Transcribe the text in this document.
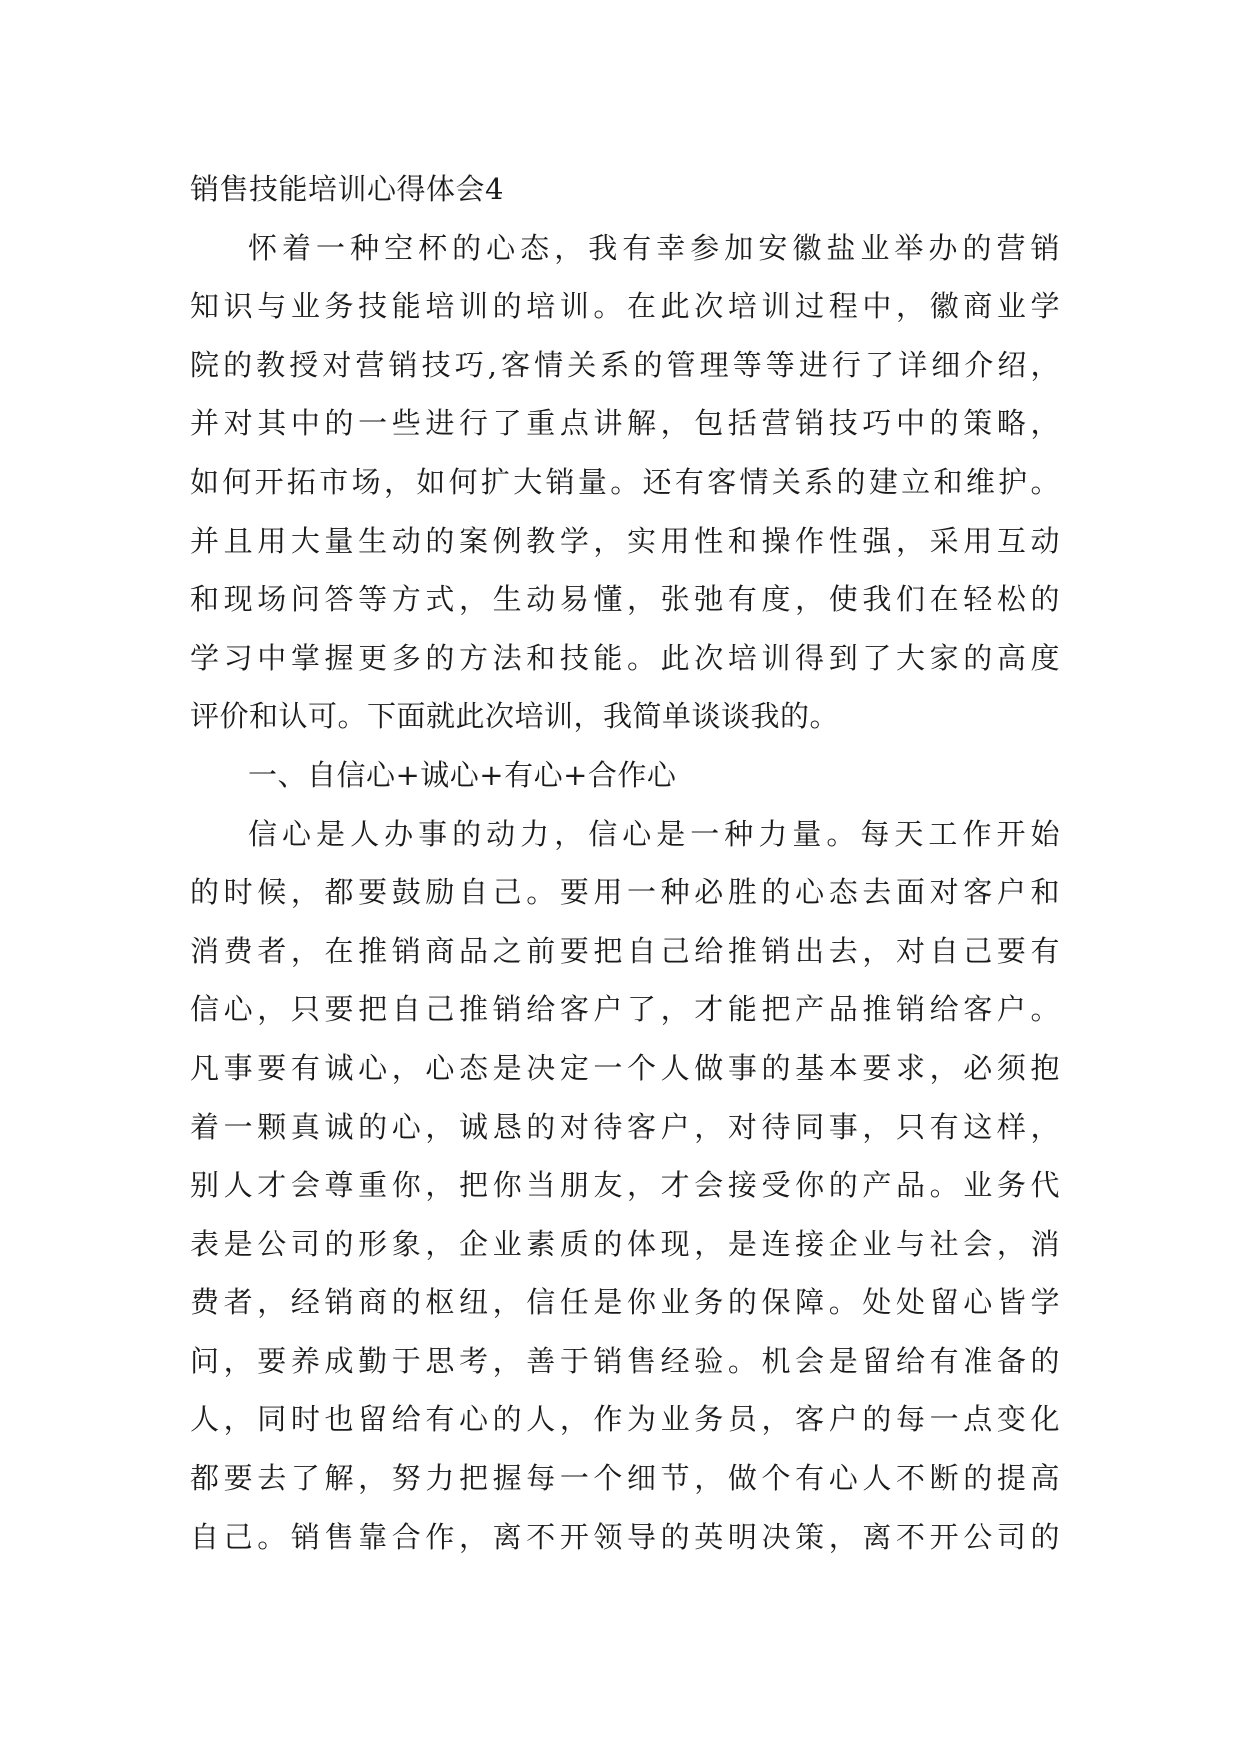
销售技能培训心得体会4
怀着一种空杯的心态，我有幸参加安徽盐业举办的营销
知识与业务技能培训的培训。在此次培训过程中，徽商业学
院的教授对营销技巧,客情关系的管理等等进行了详细介绍，
并对其中的一些进行了重点讲解，包括营销技巧中的策略，
如何开拓市场，如何扩大销量。还有客情关系的建立和维护。
并且用大量生动的案例教学，实用性和操作性强，采用互动
和现场问答等方式，生动易懂，张弛有度，使我们在轻松的
学习中掌握更多的方法和技能。此次培训得到了大家的高度
评价和认可。下面就此次培训，我简单谈谈我的。
一、自信心+诚心+有心+合作心
信心是人办事的动力，信心是一种力量。每天工作开始
的时候，都要鼓励自己。要用一种必胜的心态去面对客户和
消费者，在推销商品之前要把自己给推销出去，对自己要有
信心，只要把自己推销给客户了，才能把产品推销给客户。
凡事要有诚心，心态是决定一个人做事的基本要求，必须抱
着一颗真诚的心，诚恳的对待客户，对待同事，只有这样，
别人才会尊重你，把你当朋友，才会接受你的产品。业务代
表是公司的形象，企业素质的体现，是连接企业与社会，消
费者，经销商的枢纽，信任是你业务的保障。处处留心皆学
问，要养成勤于思考，善于销售经验。机会是留给有准备的
人，同时也留给有心的人，作为业务员，客户的每一点变化
都要去了解，努力把握每一个细节，做个有心人不断的提高
自己。销售靠合作，离不开领导的英明决策，离不开公司的
